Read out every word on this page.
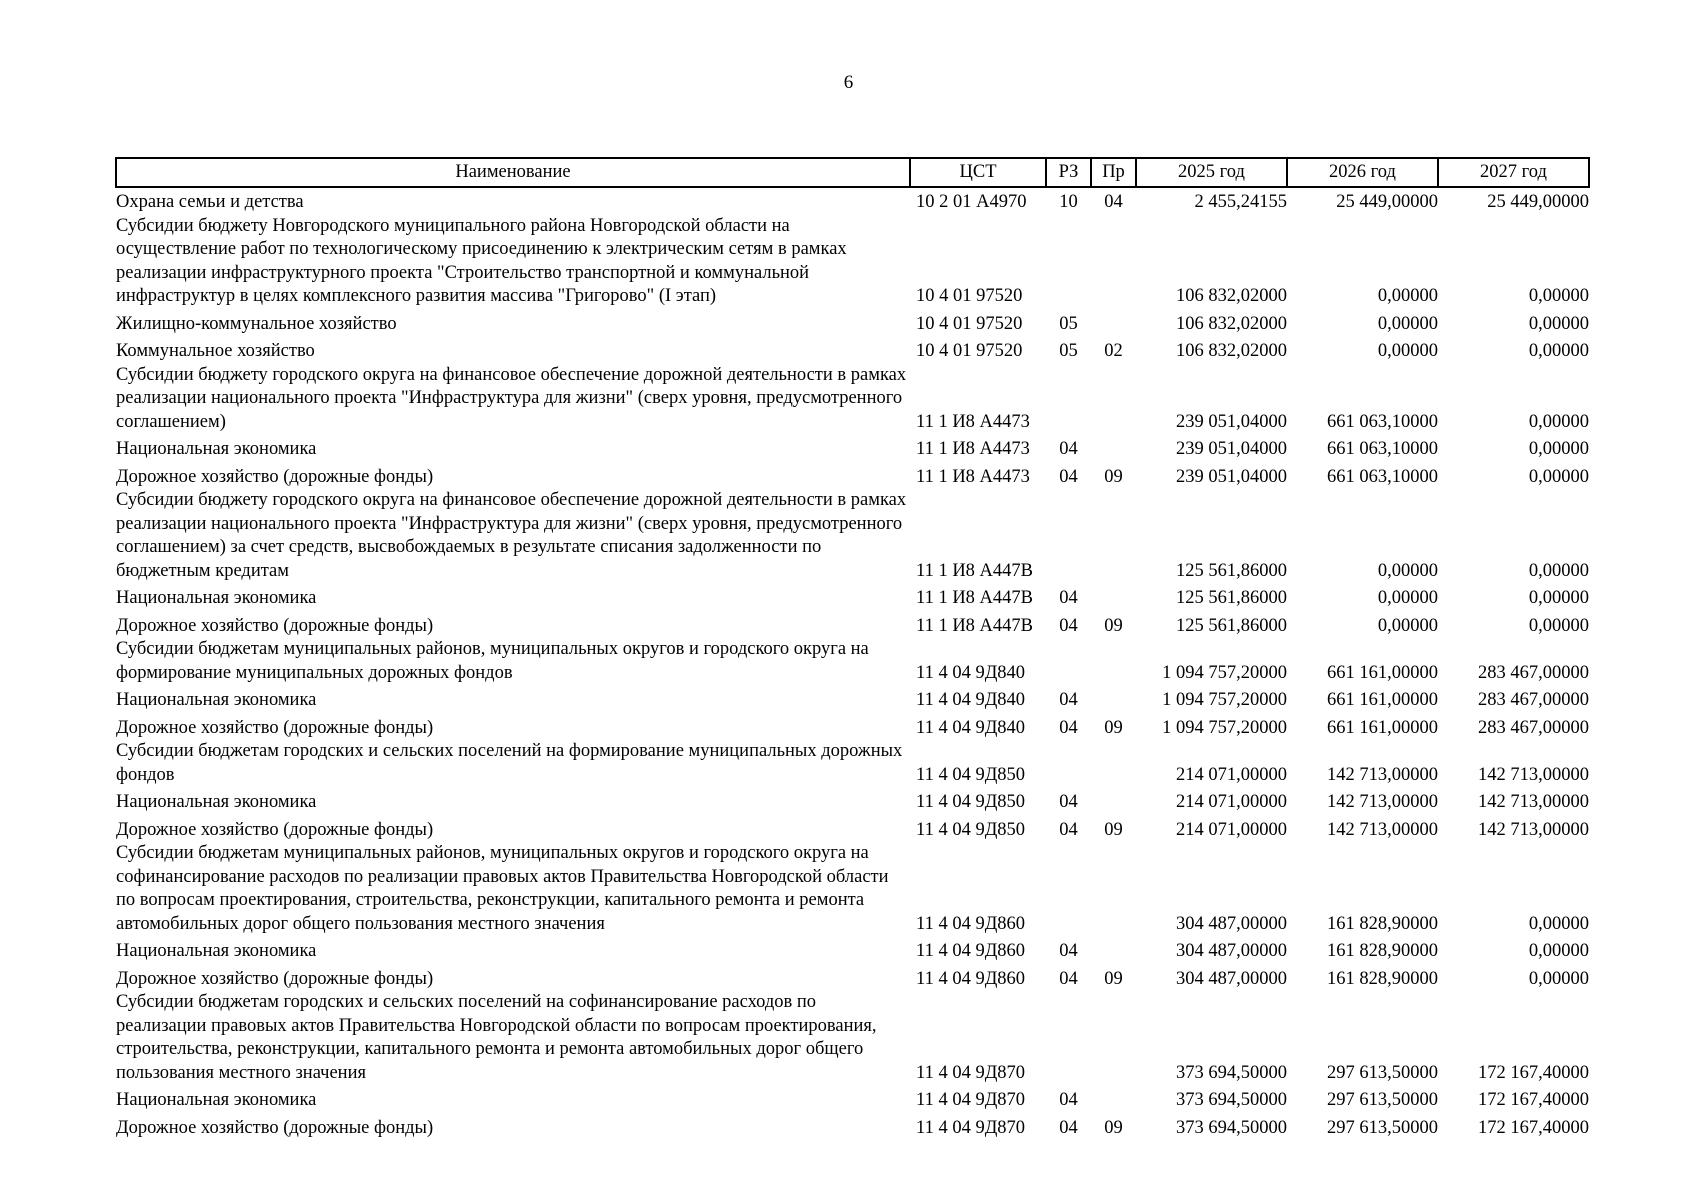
6
Наименование	ЦСТ	РЗ	Пр	2025 год	2026 год	2027 год
Охрана семьи и детства	10 2 01 А4970	10	04	2 455,24155	25 449,00000	25 449,00000
Субсидии бюджету Новгородского муниципального района Новгородской области на осуществление работ по технологическому присоединению к электрическим сетям в рамках реализации инфраструктурного проекта "Строительство транспортной и коммунальной инфраструктур в целях комплексного развития массива "Григорово" (I этап)	10 4 01 97520			106 832,02000	0,00000	0,00000
Жилищно-коммунальное хозяйство	10 4 01 97520	05		106 832,02000	0,00000	0,00000
Коммунальное хозяйство	10 4 01 97520	05	02	106 832,02000	0,00000	0,00000
Субсидии бюджету городского округа на финансовое обеспечение дорожной деятельности в рамках реализации национального проекта "Инфраструктура для жизни" (сверх уровня, предусмотренного соглашением)	11 1 И8 А4473			239 051,04000	661 063,10000	0,00000
Национальная экономика	11 1 И8 А4473	04		239 051,04000	661 063,10000	0,00000
Дорожное хозяйство (дорожные фонды)	11 1 И8 А4473	04	09	239 051,04000	661 063,10000	0,00000
Субсидии бюджету городского округа на финансовое обеспечение дорожной деятельности в рамках реализации национального проекта "Инфраструктура для жизни" (сверх уровня, предусмотренного соглашением) за счет средств, высвобождаемых в результате списания задолженности по бюджетным кредитам	11 1 И8 А447В			125 561,86000	0,00000	0,00000
Национальная экономика	11 1 И8 А447В	04		125 561,86000	0,00000	0,00000
Дорожное хозяйство (дорожные фонды)	11 1 И8 А447В	04	09	125 561,86000	0,00000	0,00000
Субсидии бюджетам муниципальных районов, муниципальных округов и городского округа на формирование муниципальных дорожных фондов	11 4 04 9Д840			1 094 757,20000	661 161,00000	283 467,00000
Национальная экономика	11 4 04 9Д840	04		1 094 757,20000	661 161,00000	283 467,00000
Дорожное хозяйство (дорожные фонды)	11 4 04 9Д840	04	09	1 094 757,20000	661 161,00000	283 467,00000
Субсидии бюджетам городских и сельских поселений на формирование муниципальных дорожных фондов	11 4 04 9Д850			214 071,00000	142 713,00000	142 713,00000
Национальная экономика	11 4 04 9Д850	04		214 071,00000	142 713,00000	142 713,00000
Дорожное хозяйство (дорожные фонды)	11 4 04 9Д850	04	09	214 071,00000	142 713,00000	142 713,00000
Субсидии бюджетам муниципальных районов, муниципальных округов и городского округа на софинансирование расходов по реализации правовых актов Правительства Новгородской области по вопросам проектирования, строительства, реконструкции, капитального ремонта и ремонта автомобильных дорог общего пользования местного значения	11 4 04 9Д860			304 487,00000	161 828,90000	0,00000
Национальная экономика	11 4 04 9Д860	04		304 487,00000	161 828,90000	0,00000
Дорожное хозяйство (дорожные фонды)	11 4 04 9Д860	04	09	304 487,00000	161 828,90000	0,00000
Субсидии бюджетам городских и сельских поселений на софинансирование расходов по реализации правовых актов Правительства Новгородской области по вопросам проектирования, строительства, реконструкции, капитального ремонта и ремонта автомобильных дорог общего пользования местного значения	11 4 04 9Д870			373 694,50000	297 613,50000	172 167,40000
Национальная экономика	11 4 04 9Д870	04		373 694,50000	297 613,50000	172 167,40000
Дорожное хозяйство (дорожные фонды)	11 4 04 9Д870	04	09	373 694,50000	297 613,50000	172 167,40000
